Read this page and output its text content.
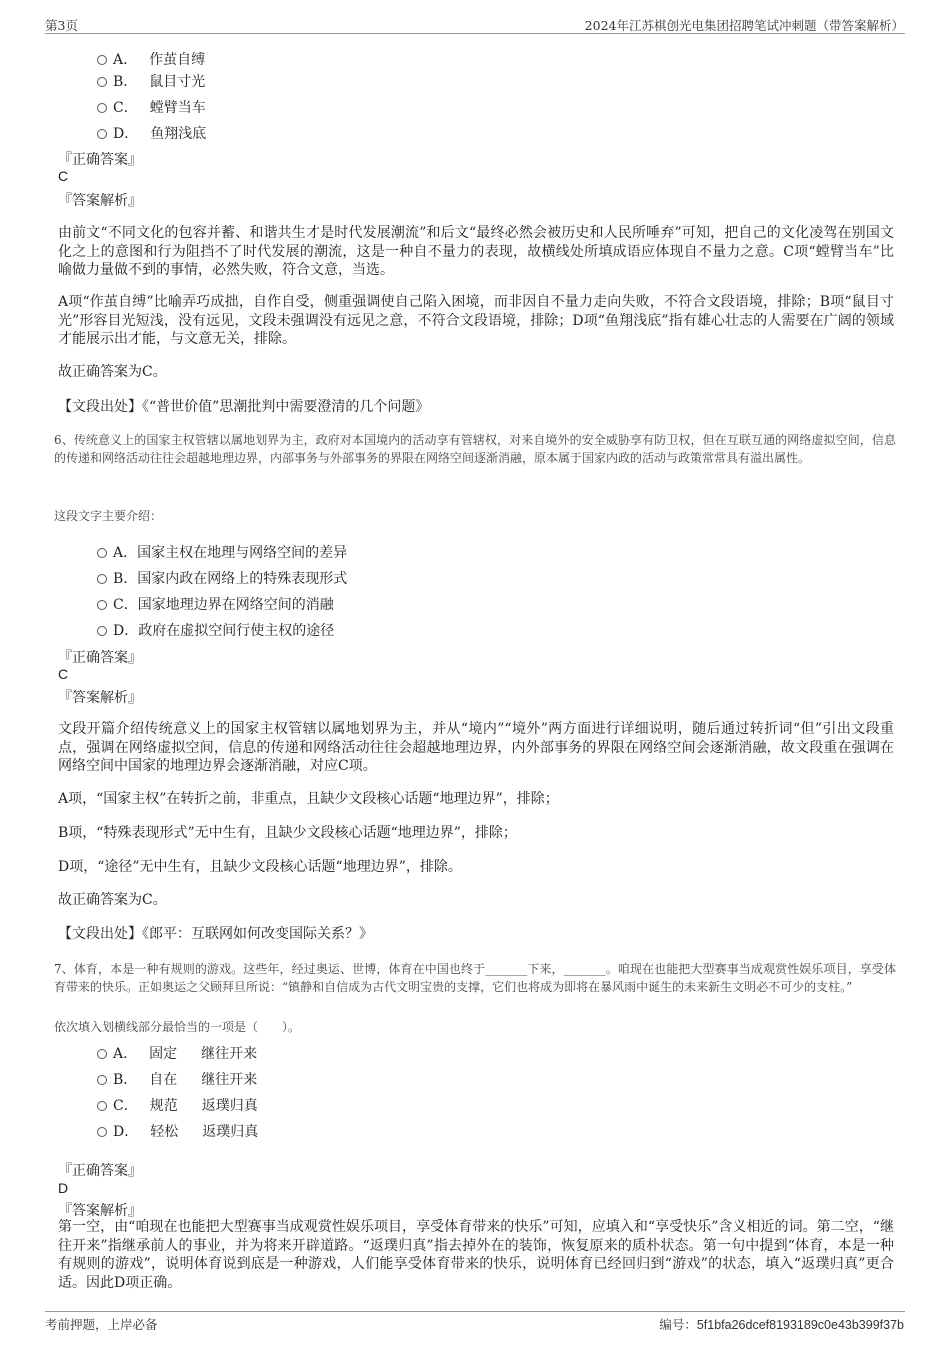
第3页	2024年江苏棋创光电集团招聘笔试冲刺题（带答案解析）
A． 作茧自缚
B． 鼠目寸光
C． 螳臂当车
D． 鱼翔浅底
『正确答案』
C
『答案解析』
由前文“不同文化的包容并蓄、和谐共生才是时代发展潮流”和后文“最终必然会被历史和人民所唾弃”可知，把自己的文化凌驾在别国文化之上的意图和行为阻挡不了时代发展的潮流，这是一种自不量力的表现，故横线处所填成语应体现自不量力之意。C项“螳臂当车”比喻做力量做不到的事情，必然失败，符合文意，当选。
A项“作茧自缚”比喻弄巧成拙，自作自受，侧重强调使自己陷入困境，而非因自不量力走向失败，不符合文段语境，排除；B项“鼠目寸光”形容目光短浅，没有远见，文段未强调没有远见之意，不符合文段语境，排除；D项“鱼翔浅底”指有雄心壮志的人需要在广阔的领域才能展示出才能，与文意无关，排除。
故正确答案为C。
【文段出处】《“普世价值”思潮批判中需要澄清的几个问题》
6、传统意义上的国家主权管辖以属地划界为主，政府对本国境内的活动享有管辖权，对来自境外的安全威胁享有防卫权，但在互联互通的网络虚拟空间，信息的传递和网络活动往往会超越地理边界，内部事务与外部事务的界限在网络空间逐渐消融，原本属于国家内政的活动与政策常常具有溢出属性。
这段文字主要介绍：
A．国家主权在地理与网络空间的差异
B．国家内政在网络上的特殊表现形式
C．国家地理边界在网络空间的消融
D．政府在虚拟空间行使主权的途径
『正确答案』
C
『答案解析』
文段开篇介绍传统意义上的国家主权管辖以属地划界为主，并从“境内”“境外”两方面进行详细说明，随后通过转折词“但”引出文段重点，强调在网络虚拟空间，信息的传递和网络活动往往会超越地理边界，内外部事务的界限在网络空间会逐渐消融，故文段重在强调在网络空间中国家的地理边界会逐渐消融，对应C项。
A项，“国家主权”在转折之前，非重点，且缺少文段核心话题“地理边界”，排除；
B项，“特殊表现形式”无中生有，且缺少文段核心话题“地理边界”，排除；
D项，“途径”无中生有，且缺少文段核心话题“地理边界”，排除。
故正确答案为C。
【文段出处】《郎平：互联网如何改变国际关系？》
7、体育，本是一种有规则的游戏。这些年，经过奥运、世博，体育在中国也终于_______下来，_______。咱现在也能把大型赛事当成观赏性娱乐项目，享受体育带来的快乐。正如奥运之父顾拜旦所说：“镇静和自信成为古代文明宝贵的支撑，它们也将成为即将在暴风雨中诞生的未来新生文明必不可少的支柱。”
依次填入划横线部分最恰当的一项是（　　）。
A． 固定 继往开来
B． 自在 继往开来
C． 规范 返璞归真
D． 轻松 返璞归真
『正确答案』
D
『答案解析』
第一空，由“咱现在也能把大型赛事当成观赏性娱乐项目，享受体育带来的快乐”可知，应填入和“享受快乐”含义相近的词。第二空，“继往开来”指继承前人的事业，并为将来开辟道路。“返璞归真”指去掉外在的装饰，恢复原来的质朴状态。第一句中提到“体育，本是一种有规则的游戏”，说明体育说到底是一种游戏，人们能享受体育带来的快乐，说明体育已经回归到“游戏”的状态，填入“返璞归真”更合适。因此D项正确。
考前押题，上岸必备	编号：5f1bfa26dcef8193189c0e43b399f37b
